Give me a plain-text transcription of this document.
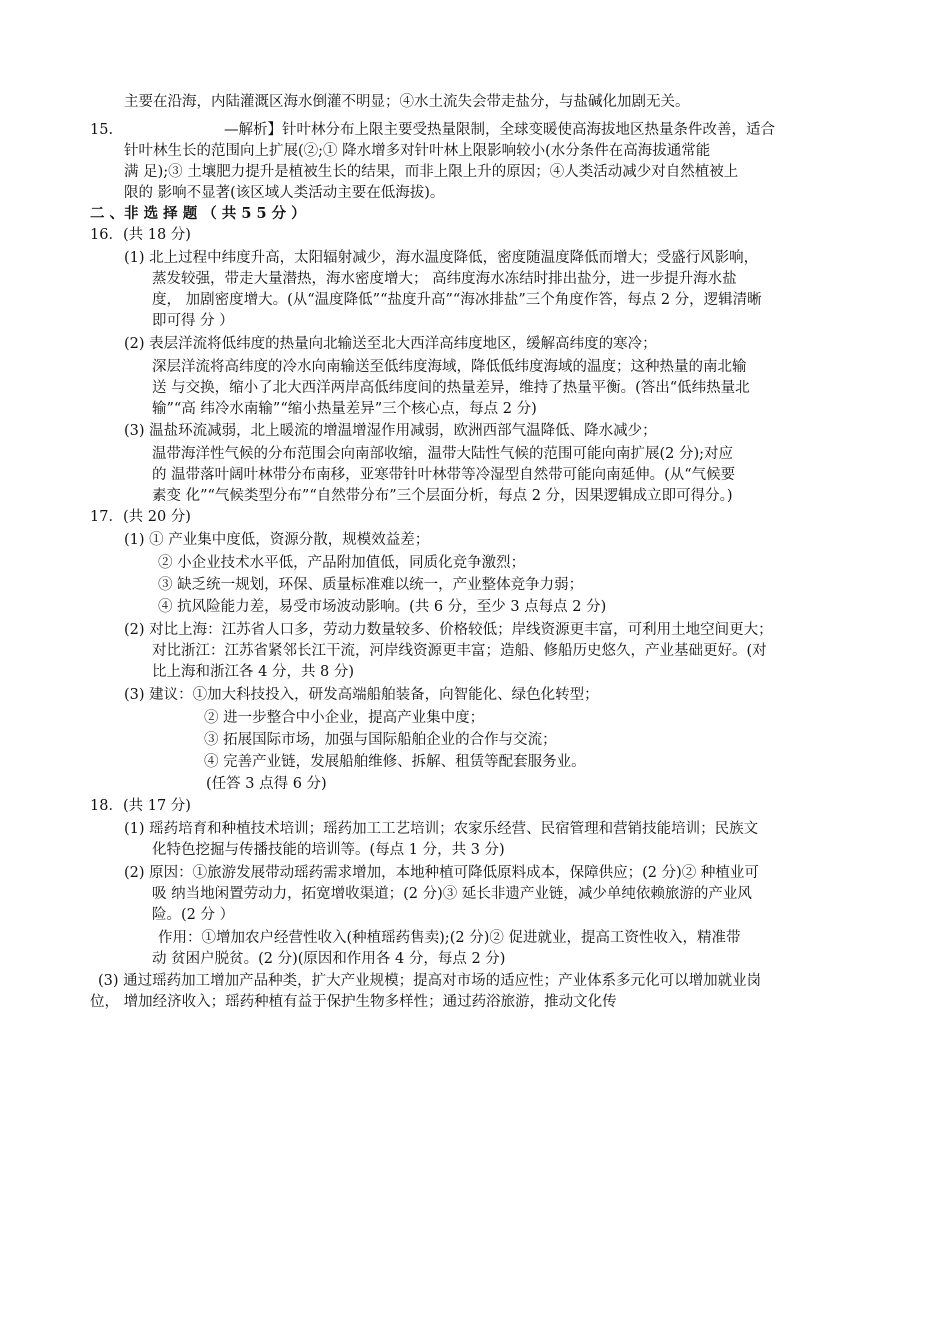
主要在沿海，内陆灌溉区海水倒灌不明显；④水土流失会带走盐分，与盐碱化加剧无关。
15.	—解析】针叶林分布上限主要受热量限制，全球变暖使高海拔地区热量条件改善，适合
针叶林生长的范围向上扩展(②;① 降水增多对针叶林上限影响较小(水分条件在高海拔通常能
满 足);③ 土壤肥力提升是植被生长的结果，而非上限上升的原因；④人类活动减少对自然植被上
限的 影响不显著(该区域人类活动主要在低海拔)。
二 、非 选 择 题 （ 共 5 5 分 ）
16．(共 18 分)
(1) 北上过程中纬度升高，太阳辐射减少，海水温度降低，密度随温度降低而增大；受盛行风影响，
蒸发较强，带走大量潜热，海水密度增大； 高纬度海水冻结时排出盐分，进一步提升海水盐
度， 加剧密度增大。(从“温度降低”“盐度升高”“海冰排盐”三个角度作答，每点 2 分，逻辑清晰
即可得 分 ）
(2) 表层洋流将低纬度的热量向北输送至北大西洋高纬度地区，缓解高纬度的寒冷；
深层洋流将高纬度的冷水向南输送至低纬度海域，降低低纬度海域的温度；这种热量的南北输
送 与交换，缩小了北大西洋两岸高低纬度间的热量差异，维持了热量平衡。(答出“低纬热量北
输”“高 纬冷水南输”“缩小热量差异”三个核心点，每点 2 分)
(3) 温盐环流减弱，北上暖流的增温增湿作用减弱，欧洲西部气温降低、降水减少；
温带海洋性气候的分布范围会向南部收缩，温带大陆性气候的范围可能向南扩展(2 分);对应
的 温带落叶阔叶林带分布南移，亚寒带针叶林带等冷湿型自然带可能向南延伸。(从“气候要
素变 化”“气候类型分布”“自然带分布”三个层面分析，每点 2 分，因果逻辑成立即可得分。)
17．(共 20 分)
(1) ① 产业集中度低，资源分散，规模效益差；
② 小企业技术水平低，产品附加值低，同质化竞争激烈；
③ 缺乏统一规划，环保、质量标准难以统一，产业整体竞争力弱；
④ 抗风险能力差，易受市场波动影响。(共 6 分，至少 3 点每点 2 分)
(2) 对比上海：江苏省人口多，劳动力数量较多、价格较低；岸线资源更丰富，可利用土地空间更大；
对比浙江：江苏省紧邻长江干流，河岸线资源更丰富；造船、修船历史悠久，产业基础更好。(对
比上海和浙江各 4 分，共 8 分)
(3) 建议：①加大科技投入，研发高端船舶装备，向智能化、绿色化转型；
② 进一步整合中小企业，提高产业集中度；
③ 拓展国际市场，加强与国际船舶企业的合作与交流；
④ 完善产业链，发展船舶维修、拆解、租赁等配套服务业。
(任答 3 点得 6 分)
18．(共 17 分)
(1) 瑶药培育和种植技术培训；瑶药加工工艺培训；农家乐经营、民宿管理和营销技能培训；民族文
化特色挖掘与传播技能的培训等。(每点 1 分，共 3 分)
(2) 原因：①旅游发展带动瑶药需求增加，本地种植可降低原料成本，保障供应；(2 分)② 种植业可
吸 纳当地闲置劳动力，拓宽增收渠道；(2 分)③ 延长非遗产业链，减少单纯依赖旅游的产业风
险。(2 分 ）
作用：①增加农户经营性收入(种植瑶药售卖);(2 分)② 促进就业，提高工资性收入，精准带
动 贫困户脱贫。(2 分)(原因和作用各 4 分，每点 2 分)
(3) 通过瑶药加工增加产品种类，扩大产业规模；提高对市场的适应性；产业体系多元化可以增加就业岗
位， 增加经济收入；瑶药种植有益于保护生物多样性；通过药浴旅游，推动文化传
